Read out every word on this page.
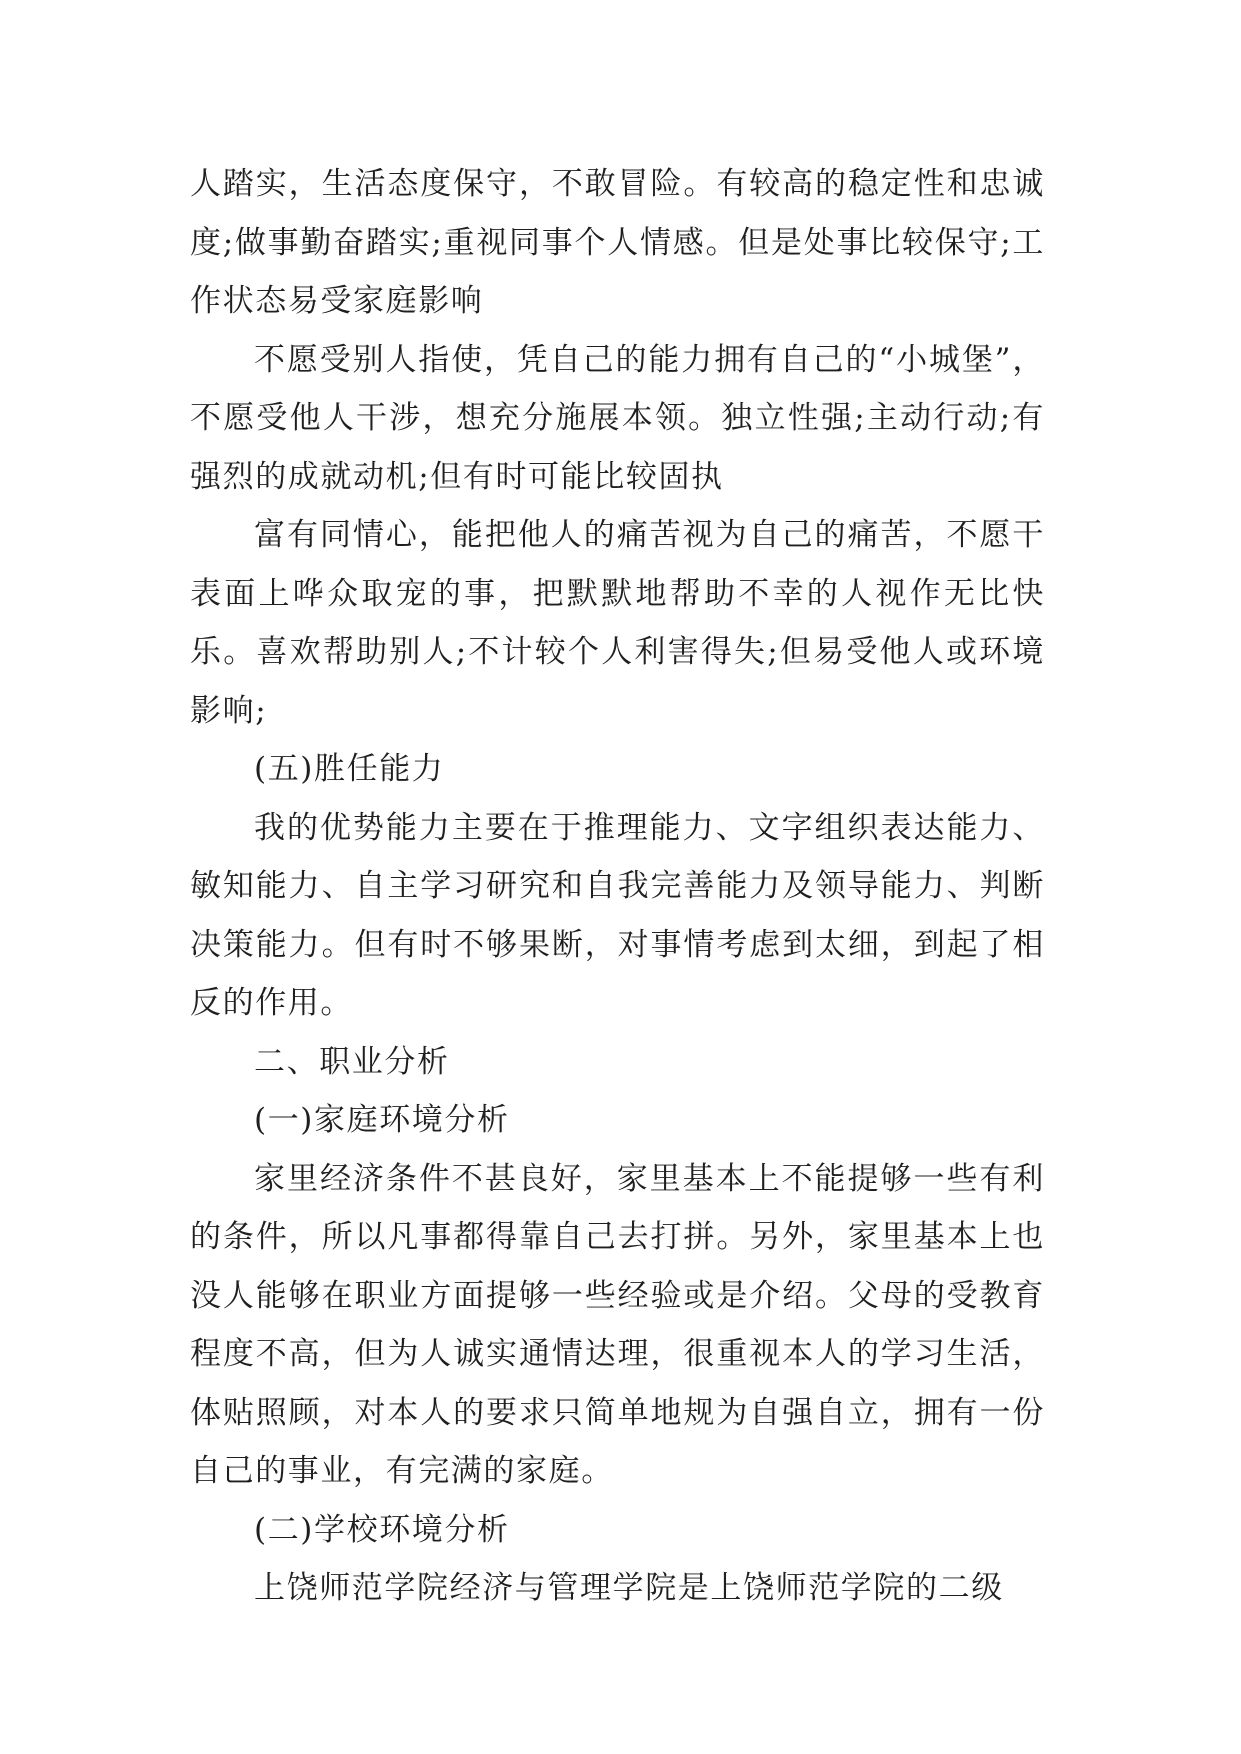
人踏实，生活态度保守，不敢冒险。有较高的稳定性和忠诚度;做事勤奋踏实;重视同事个人情感。但是处事比较保守;工作状态易受家庭影响

不愿受别人指使，凭自己的能力拥有自己的“小城堡”，不愿受他人干涉，想充分施展本领。独立性强;主动行动;有强烈的成就动机;但有时可能比较固执

富有同情心，能把他人的痛苦视为自己的痛苦，不愿干表面上哗众取宠的事，把默默地帮助不幸的人视作无比快乐。喜欢帮助别人;不计较个人利害得失;但易受他人或环境影响;

(五)胜任能力

我的优势能力主要在于推理能力、文字组织表达能力、敏知能力、自主学习研究和自我完善能力及领导能力、判断决策能力。但有时不够果断，对事情考虑到太细，到起了相反的作用。

二、职业分析

(一)家庭环境分析

家里经济条件不甚良好，家里基本上不能提够一些有利的条件，所以凡事都得靠自己去打拼。另外，家里基本上也没人能够在职业方面提够一些经验或是介绍。父母的受教育程度不高，但为人诚实通情达理，很重视本人的学习生活，体贴照顾，对本人的要求只简单地规为自强自立，拥有一份自己的事业，有完满的家庭。

(二)学校环境分析

上饶师范学院经济与管理学院是上饶师范学院的二级
